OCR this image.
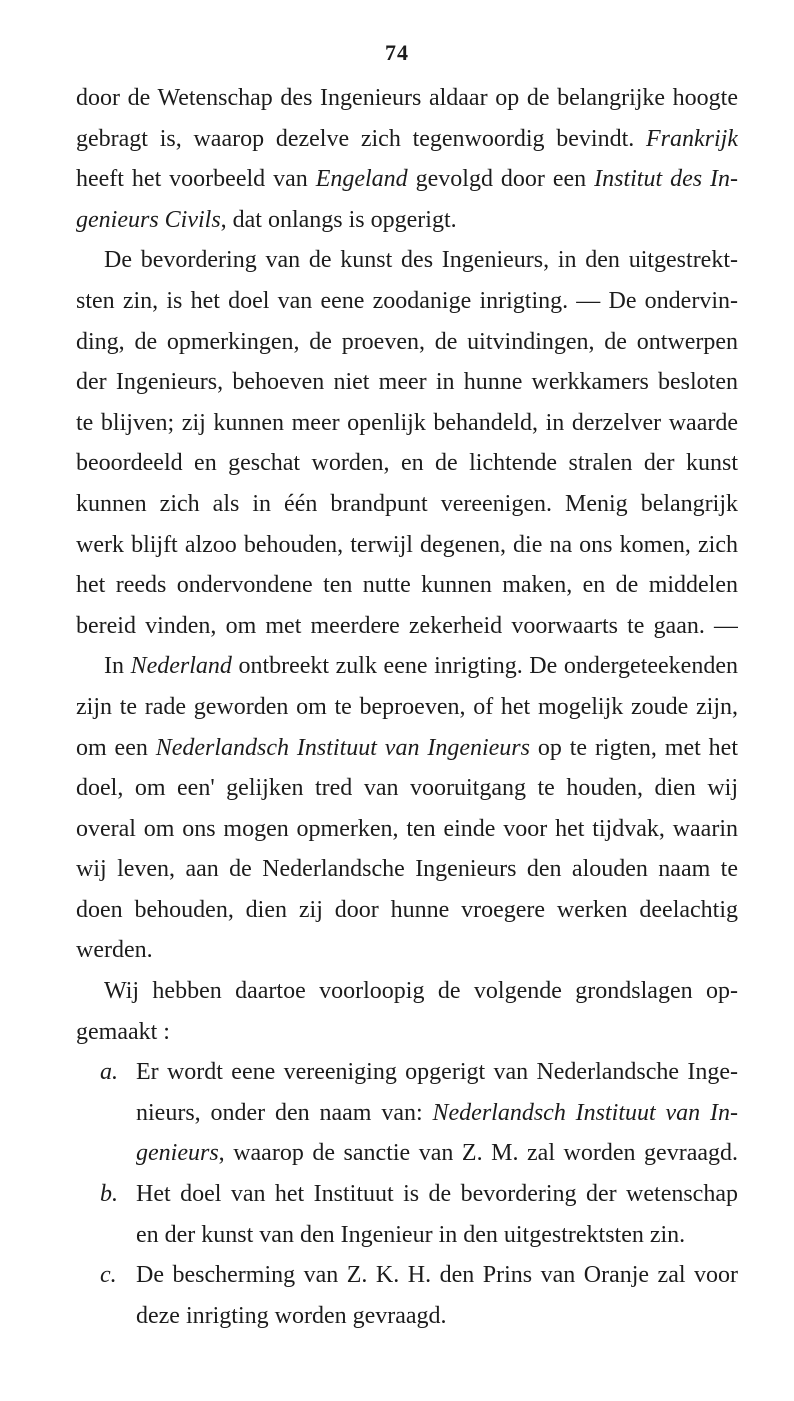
74
door de Wetenschap des Ingenieurs aldaar op de belangrijke hoogte
gebragt is, waarop dezelve zich tegenwoordig bevindt. Frankrijk
heeft het voorbeeld van Engeland gevolgd door een Institut des In-
genieurs Civils, dat onlangs is opgerigt.
De bevordering van de kunst des Ingenieurs, in den uitgestrekt-
sten zin, is het doel van eene zoodanige inrigting. — De ondervin-
ding, de opmerkingen, de proeven, de uitvindingen, de ontwerpen
der Ingenieurs, behoeven niet meer in hunne werkkamers besloten
te blijven; zij kunnen meer openlijk behandeld, in derzelver waarde
beoordeeld en geschat worden, en de lichtende stralen der kunst
kunnen zich als in één brandpunt vereenigen. Menig belangrijk
werk blijft alzoo behouden, terwijl degenen, die na ons komen, zich
het reeds ondervondene ten nutte kunnen maken, en de middelen
bereid vinden, om met meerdere zekerheid voorwaarts te gaan. —
In Nederland ontbreekt zulk eene inrigting. De ondergeteekenden
zijn te rade geworden om te beproeven, of het mogelijk zoude zijn,
om een Nederlandsch Instituut van Ingenieurs op te rigten, met het
doel, om een' gelijken tred van vooruitgang te houden, dien wij
overal om ons mogen opmerken, ten einde voor het tijdvak, waarin
wij leven, aan de Nederlandsche Ingenieurs den alouden naam te
doen behouden, dien zij door hunne vroegere werken deelachtig
werden.
Wij hebben daartoe voorloopig de volgende grondslagen op-
gemaakt :
a. Er wordt eene vereeniging opgerigt van Nederlandsche Inge-
nieurs, onder den naam van: Nederlandsch Instituut van In-
genieurs, waarop de sanctie van Z. M. zal worden gevraagd.
b. Het doel van het Instituut is de bevordering der wetenschap
en der kunst van den Ingenieur in den uitgestrektsten zin.
c. De bescherming van Z. K. H. den Prins van Oranje zal voor
deze inrigting worden gevraagd.
